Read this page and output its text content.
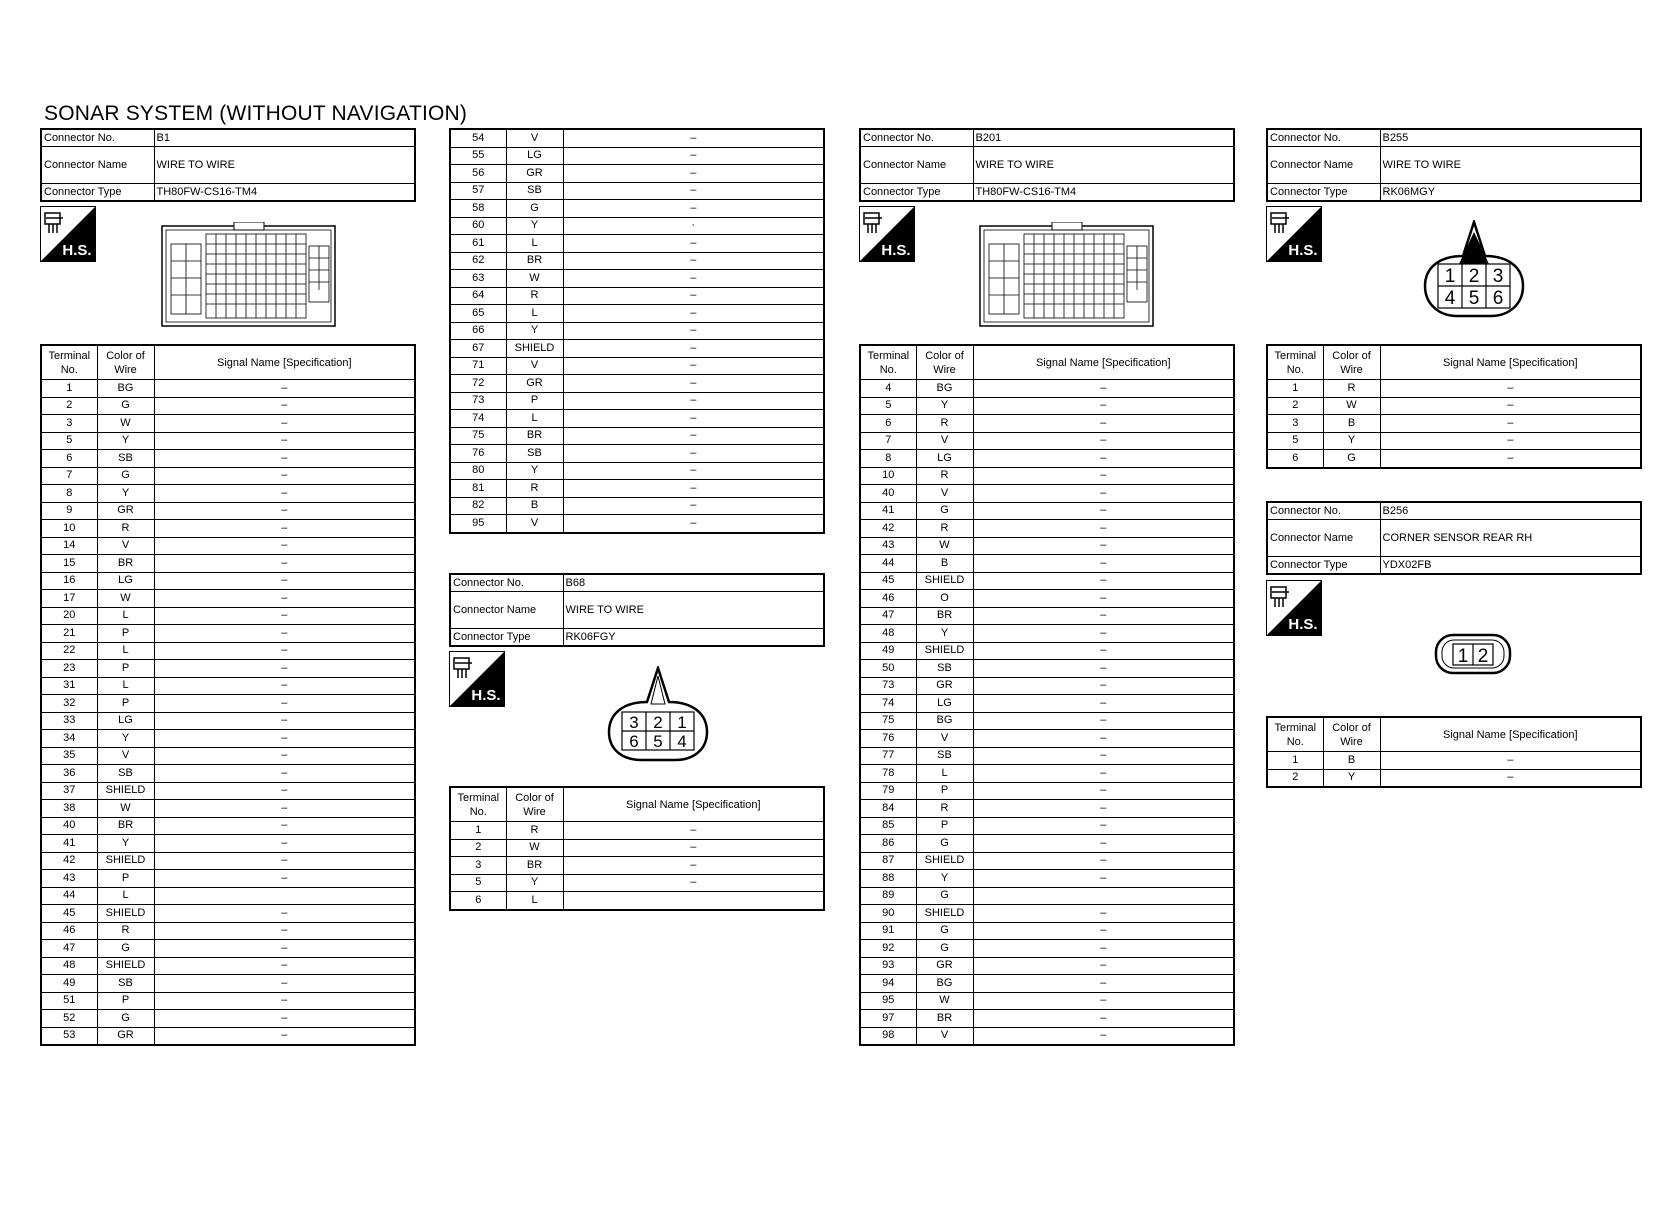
SONAR SYSTEM (WITHOUT NAVIGATION)
Connector No.	B1
Connector Name	WIRE TO WIRE
Connector Type	TH80FW-CS16-TM4
H.S.
Terminal No.	Color of Wire	Signal Name [Specification]
1	BG	–
2	G	–
3	W	–
5	Y	–
6	SB	–
7	G	–
8	Y	–
9	GR	–
10	R	–
14	V	–
15	BR	–
16	LG	–
17	W	–
20	L	–
21	P	–
22	L	–
23	P	–
31	L	–
32	P	–
33	LG	–
34	Y	–
35	V	–
36	SB	–
37	SHIELD	–
38	W	–
40	BR	–
41	Y	–
42	SHIELD	–
43	P	–
44	L	
45	SHIELD	–
46	R	–
47	G	–
48	SHIELD	–
49	SB	–
51	P	–
52	G	–
53	GR	–
54	V	–
55	LG	–
56	GR	–
57	SB	–
58	G	–
60	Y	·
61	L	–
62	BR	–
63	W	–
64	R	–
65	L	–
66	Y	–
67	SHIELD	–
71	V	–
72	GR	–
73	P	–
74	L	–
75	BR	–
76	SB	–
80	Y	–
81	R	–
82	B	–
95	V	–
Connector No.	B68
Connector Name	WIRE TO WIRE
Connector Type	RK06FGY
H.S.
3 2 1
6 5 4
Terminal No.	Color of Wire	Signal Name [Specification]
1	R	–
2	W	–
3	BR	–
5	Y	–
6	L	
Connector No.	B201
Connector Name	WIRE TO WIRE
Connector Type	TH80FW-CS16-TM4
H.S.
Terminal No.	Color of Wire	Signal Name [Specification]
4	BG	–
5	Y	–
6	R	–
7	V	–
8	LG	–
10	R	–
40	V	–
41	G	–
42	R	–
43	W	–
44	B	–
45	SHIELD	–
46	O	–
47	BR	–
48	Y	–
49	SHIELD	–
50	SB	–
73	GR	–
74	LG	–
75	BG	–
76	V	–
77	SB	–
78	L	–
79	P	–
84	R	–
85	P	–
86	G	–
87	SHIELD	–
88	Y	–
89	G	
90	SHIELD	–
91	G	–
92	G	–
93	GR	–
94	BG	–
95	W	–
97	BR	–
98	V	–
Connector No.	B255
Connector Name	WIRE TO WIRE
Connector Type	RK06MGY
H.S.
1 2 3
4 5 6
Terminal No.	Color of Wire	Signal Name [Specification]
1	R	–
2	W	–
3	B	–
5	Y	–
6	G	–
Connector No.	B256
Connector Name	CORNER SENSOR REAR RH
Connector Type	YDX02FB
H.S.
1 2
Terminal No.	Color of Wire	Signal Name [Specification]
1	B	–
2	Y	–
